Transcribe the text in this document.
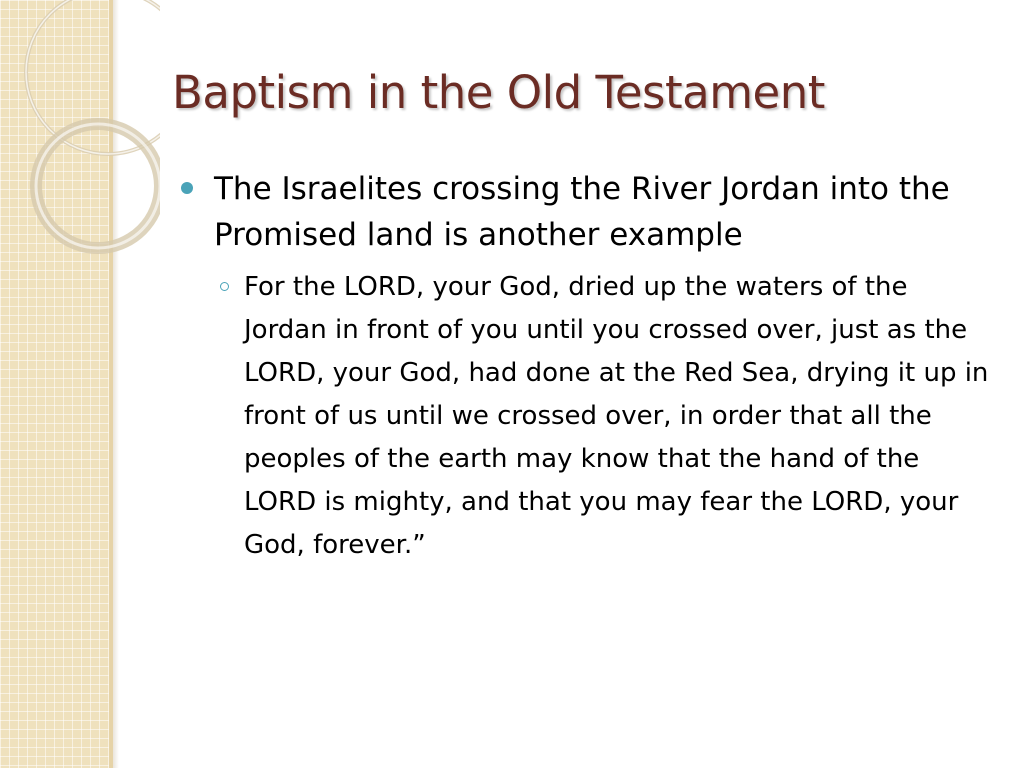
Baptism in the Old Testament
The Israelites crossing the River Jordan into the Promised land is another example
For the LORD, your God, dried up the waters of the Jordan in front of you until you crossed over, just as the LORD, your God, had done at the Red Sea, drying it up in front of us until we crossed over, in order that all the peoples of the earth may know that the hand of the LORD is mighty, and that you may fear the LORD, your God, forever.”
